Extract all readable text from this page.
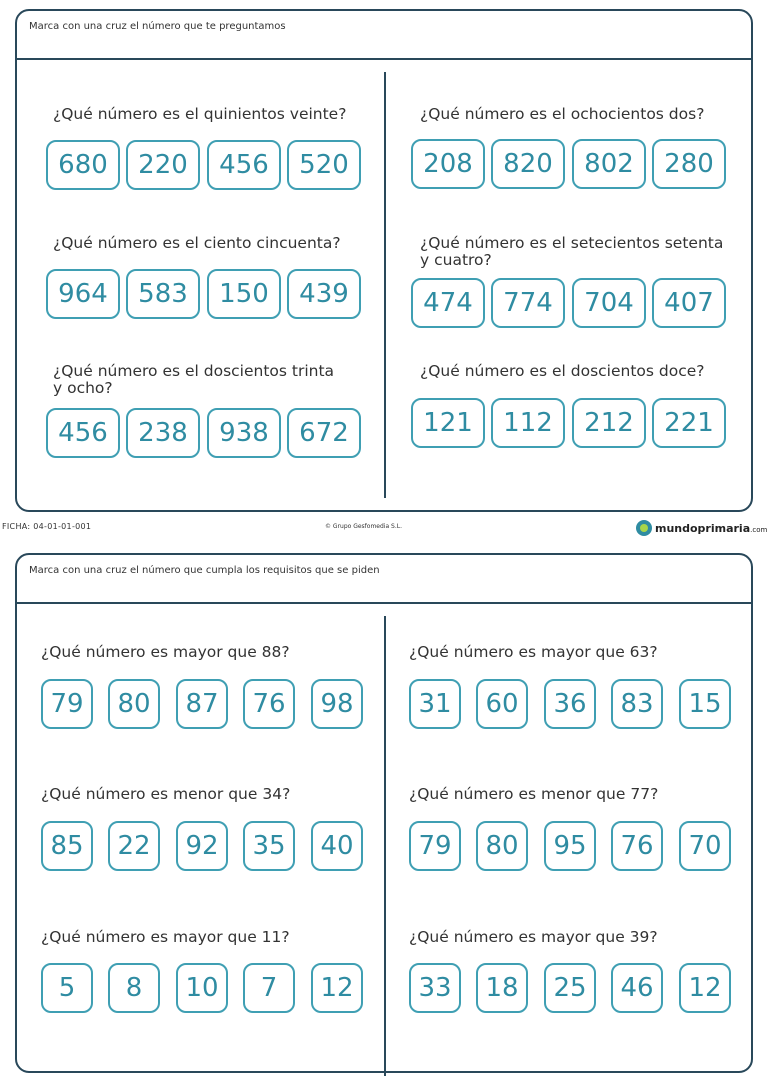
Marca con una cruz el número que te preguntamos
¿Qué número es el quinientos veinte?
680	220	456	520
¿Qué número es el ochocientos dos?
208	820	802	280
¿Qué número es el ciento cincuenta?
964	583	150	439
¿Qué número es el setecientos setenta
y cuatro?
474	774	704	407
¿Qué número es el doscientos trinta
y ocho?
456	238	938	672
¿Qué número es el doscientos doce?
121	112	212	221
FICHA: 04-01-01-001	© Grupo Gesfomedia S.L.	mundoprimaria .com
Marca con una cruz el número que cumpla los requisitos que se piden
¿Qué número es mayor que 88?
79	80	87	76	98
¿Qué número es mayor que 63?
31	60	36	83	15
¿Qué número es menor que 34?
85	22	92	35	40
¿Qué número es menor que 77?
79	80	95	76	70
¿Qué número es mayor que 11?
5	8	10	7	12
¿Qué número es mayor que 39?
33	18	25	46	12
